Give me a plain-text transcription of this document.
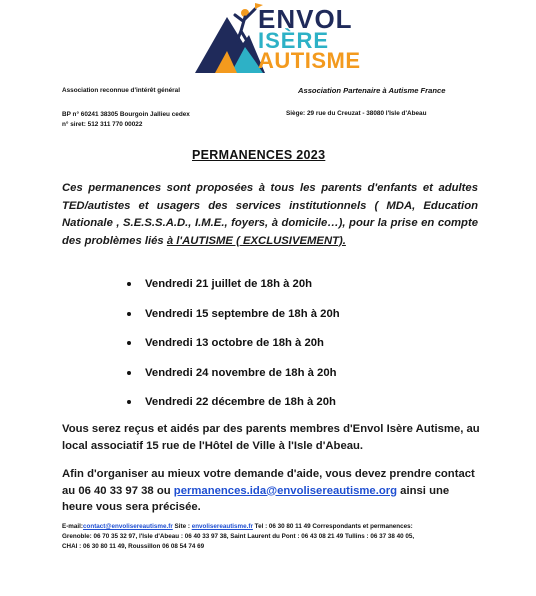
ENVOL
ISÈRE
AUTISME
Association reconnue d'intérêt général	Association Partenaire à Autisme France
BP n° 60241 38305 Bourgoin Jallieu cedex
n° siret: 512 311 770 00022
Siège: 29 rue du Creuzat - 38080 l'Isle d'Abeau
PERMANENCES 2023
Ces permanences sont proposées à tous les parents d'enfants et adultes TED/autistes et usagers des services institutionnels ( MDA, Education Nationale , S.E.S.S.A.D., I.M.E., foyers, à domicile…), pour la prise en compte des problèmes liés à l'AUTISME ( EXCLUSIVEMENT).
Vendredi 21 juillet de 18h à 20h
Vendredi 15 septembre de 18h à 20h
Vendredi 13 octobre de 18h à 20h
Vendredi 24 novembre de 18h à 20h
Vendredi 22 décembre de 18h à 20h
Vous serez reçus et aidés par des parents membres d'Envol Isère Autisme, au local associatif 15 rue de l'Hôtel de Ville à l'Isle d'Abeau.
Afin d'organiser au mieux votre demande d'aide, vous devez prendre contact au 06 40 33 97 38 ou permanences.ida@envolisereautisme.org ainsi une heure vous sera précisée.
E-mail:contact@envolisereautisme.fr Site : envolisereautisme.fr Tel : 06 30 80 11 49 Correspondants et permanences:
Grenoble: 06 70 35 32 97, l'Isle d'Abeau : 06 40 33 97 38, Saint Laurent du Pont : 06 43 08 21 49 Tullins : 06 37 38 40 05,
CHAI : 06 30 80 11 49, Roussillon 06 08 54 74 69
